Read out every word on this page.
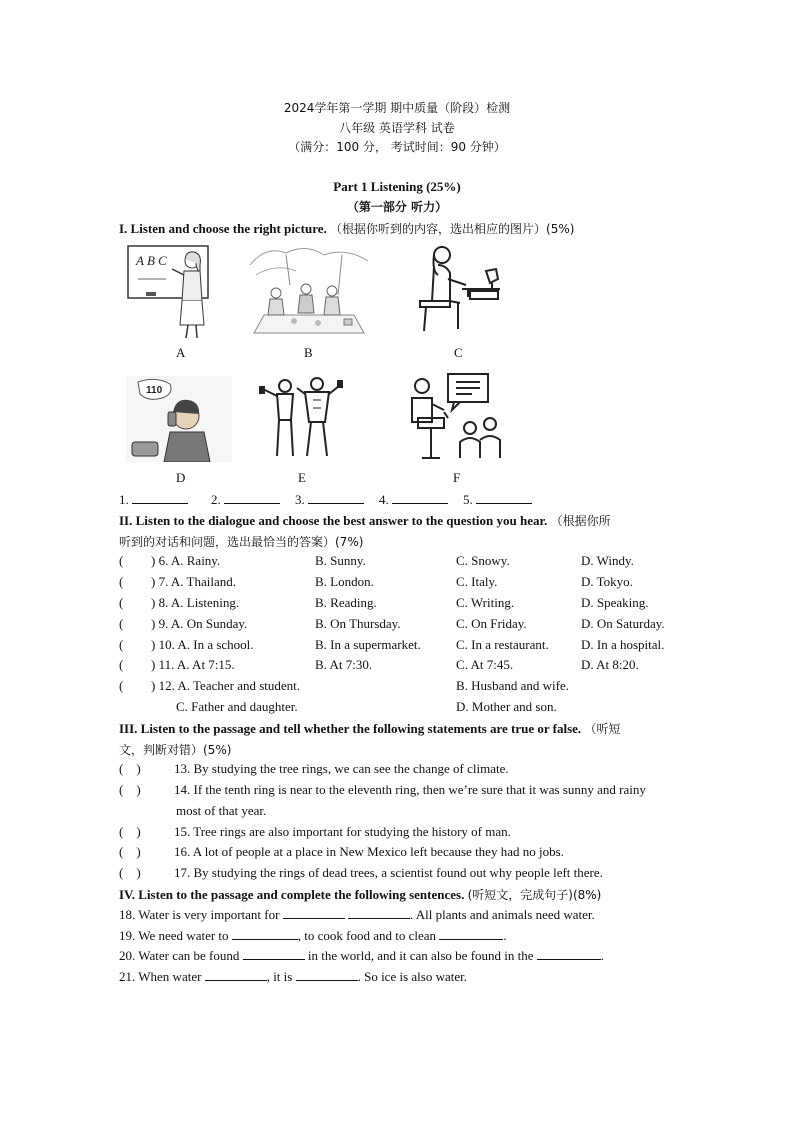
2024学年第一学期 期中质量（阶段）检测
八年级 英语学科 试卷
（满分：100 分， 考试时间：90 分钟）
Part 1 Listening (25%)
（第一部分 听力）
I. Listen and choose the right picture. （根据你听到的内容，选出相应的图片）(5%)
A B C
A	B	C
110
D	E	F
1.	2.	3.	4.	5.
II. Listen to the dialogue and choose the best answer to the question you hear. （根据你所
听到的对话和问题，选出最恰当的答案）(7%)
( ) 6. A. Rainy.	B. Sunny.	C. Snowy.	D. Windy.
( ) 7. A. Thailand.	B. London.	C. Italy.	D. Tokyo.
( ) 8. A. Listening.	B. Reading.	C. Writing.	D. Speaking.
( ) 9. A. On Sunday.	B. On Thursday.	C. On Friday.	D. On Saturday.
( ) 10. A. In a school.	B. In a supermarket.	C. In a restaurant. D. In a hospital.
( ) 11. A. At 7:15.	B. At 7:30.	C. At 7:45.	D. At 8:20.
( ) 12. A. Teacher and student.	B. Husband and wife.
C. Father and daughter.	D. Mother and son.
III. Listen to the passage and tell whether the following statements are true or false. （听短
文，判断对错）(5%)
(    )	13. By studying the tree rings, we can see the change of climate.
(    )	14. If the tenth ring is near to the eleventh ring, then we’re sure that it was sunny and rainy
most of that year.
(    )	15. Tree rings are also important for studying the history of man.
(    )	16. A lot of people at a place in New Mexico left because they had no jobs.
(    )	17. By studying the rings of dead trees, a scientist found out why people left there.
IV. Listen to the passage and complete the following sentences. (听短文，完成句子)(8%)
18. Water is very important for	. All plants and animals need water.
19. We need water to	, to cook food and to clean	.
20. Water can be found	in the world, and it can also be found in the	.
21. When water	, it is	. So ice is also water.
